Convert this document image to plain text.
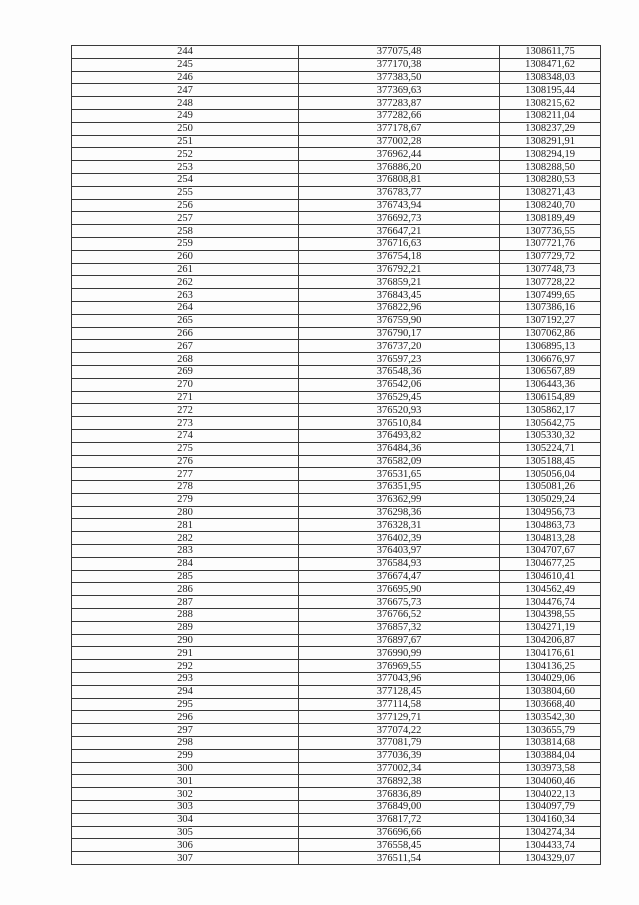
244	377075,48	1308611,75
245	377170,38	1308471,62
246	377383,50	1308348,03
247	377369,63	1308195,44
248	377283,87	1308215,62
249	377282,66	1308211,04
250	377178,67	1308237,29
251	377002,28	1308291,91
252	376962,44	1308294,19
253	376886,20	1308288,50
254	376808,81	1308280,53
255	376783,77	1308271,43
256	376743,94	1308240,70
257	376692,73	1308189,49
258	376647,21	1307736,55
259	376716,63	1307721,76
260	376754,18	1307729,72
261	376792,21	1307748,73
262	376859,21	1307728,22
263	376843,45	1307499,65
264	376822,96	1307386,16
265	376759,90	1307192,27
266	376790,17	1307062,86
267	376737,20	1306895,13
268	376597,23	1306676,97
269	376548,36	1306567,89
270	376542,06	1306443,36
271	376529,45	1306154,89
272	376520,93	1305862,17
273	376510,84	1305642,75
274	376493,82	1305330,32
275	376484,36	1305224,71
276	376582,09	1305188,45
277	376531,65	1305056,04
278	376351,95	1305081,26
279	376362,99	1305029,24
280	376298,36	1304956,73
281	376328,31	1304863,73
282	376402,39	1304813,28
283	376403,97	1304707,67
284	376584,93	1304677,25
285	376674,47	1304610,41
286	376695,90	1304562,49
287	376675,73	1304476,74
288	376766,52	1304398,55
289	376857,32	1304271,19
290	376897,67	1304206,87
291	376990,99	1304176,61
292	376969,55	1304136,25
293	377043,96	1304029,06
294	377128,45	1303804,60
295	377114,58	1303668,40
296	377129,71	1303542,30
297	377074,22	1303655,79
298	377081,79	1303814,68
299	377036,39	1303884,04
300	377002,34	1303973,58
301	376892,38	1304060,46
302	376836,89	1304022,13
303	376849,00	1304097,79
304	376817,72	1304160,34
305	376696,66	1304274,34
306	376558,45	1304433,74
307	376511,54	1304329,07
